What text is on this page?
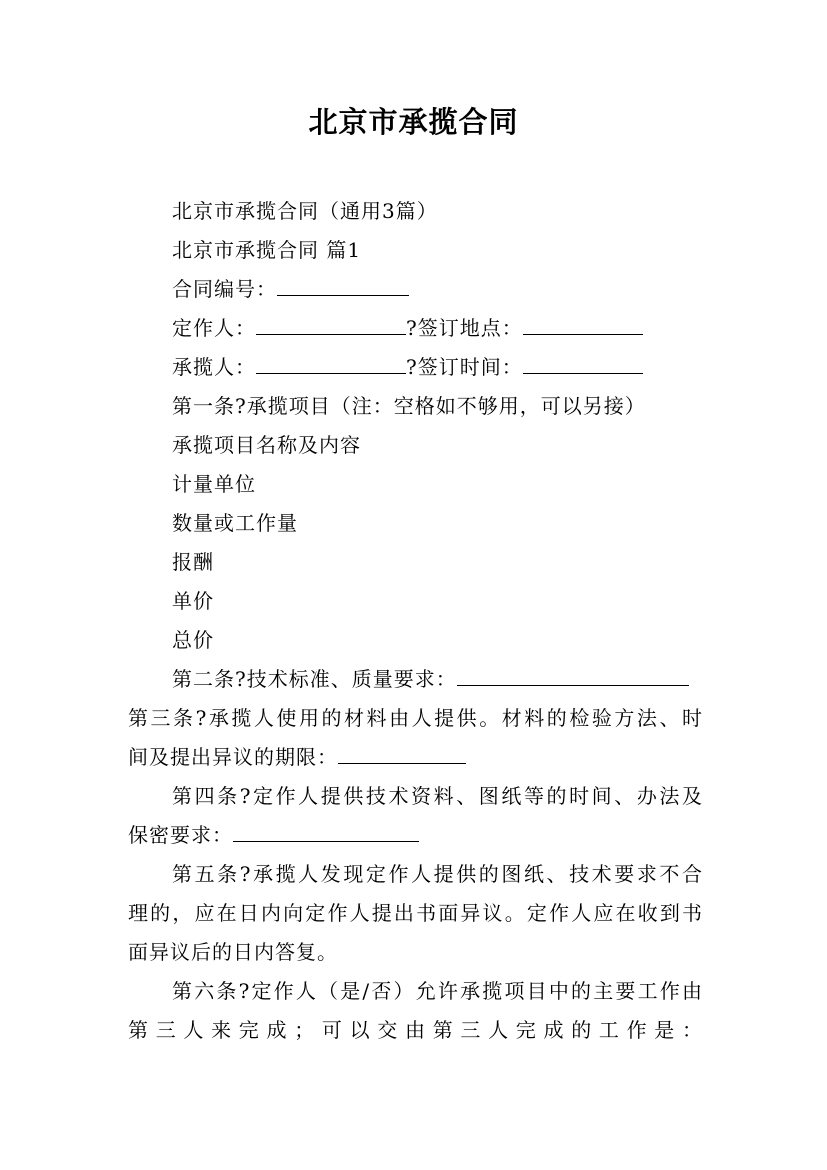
北京市承揽合同
北京市承揽合同（通用3篇）
北京市承揽合同 篇1
合同编号：
定作人：	?签订地点：
承揽人：	?签订时间：
第一条?承揽项目（注：空格如不够用，可以另接）
承揽项目名称及内容
计量单位
数量或工作量
报酬
单价
总价
第二条?技术标准、质量要求：
第三条?承揽人使用的材料由人提供。材料的检验方法、时
间及提出异议的期限：
第四条?定作人提供技术资料、图纸等的时间、办法及
保密要求：
第五条?承揽人发现定作人提供的图纸、技术要求不合
理的，应在日内向定作人提出书面异议。定作人应在收到书
面异议后的日内答复。
第六条?定作人（是/否）允许承揽项目中的主要工作由
第三人来完成；可以交由第三人完成的工作是：
